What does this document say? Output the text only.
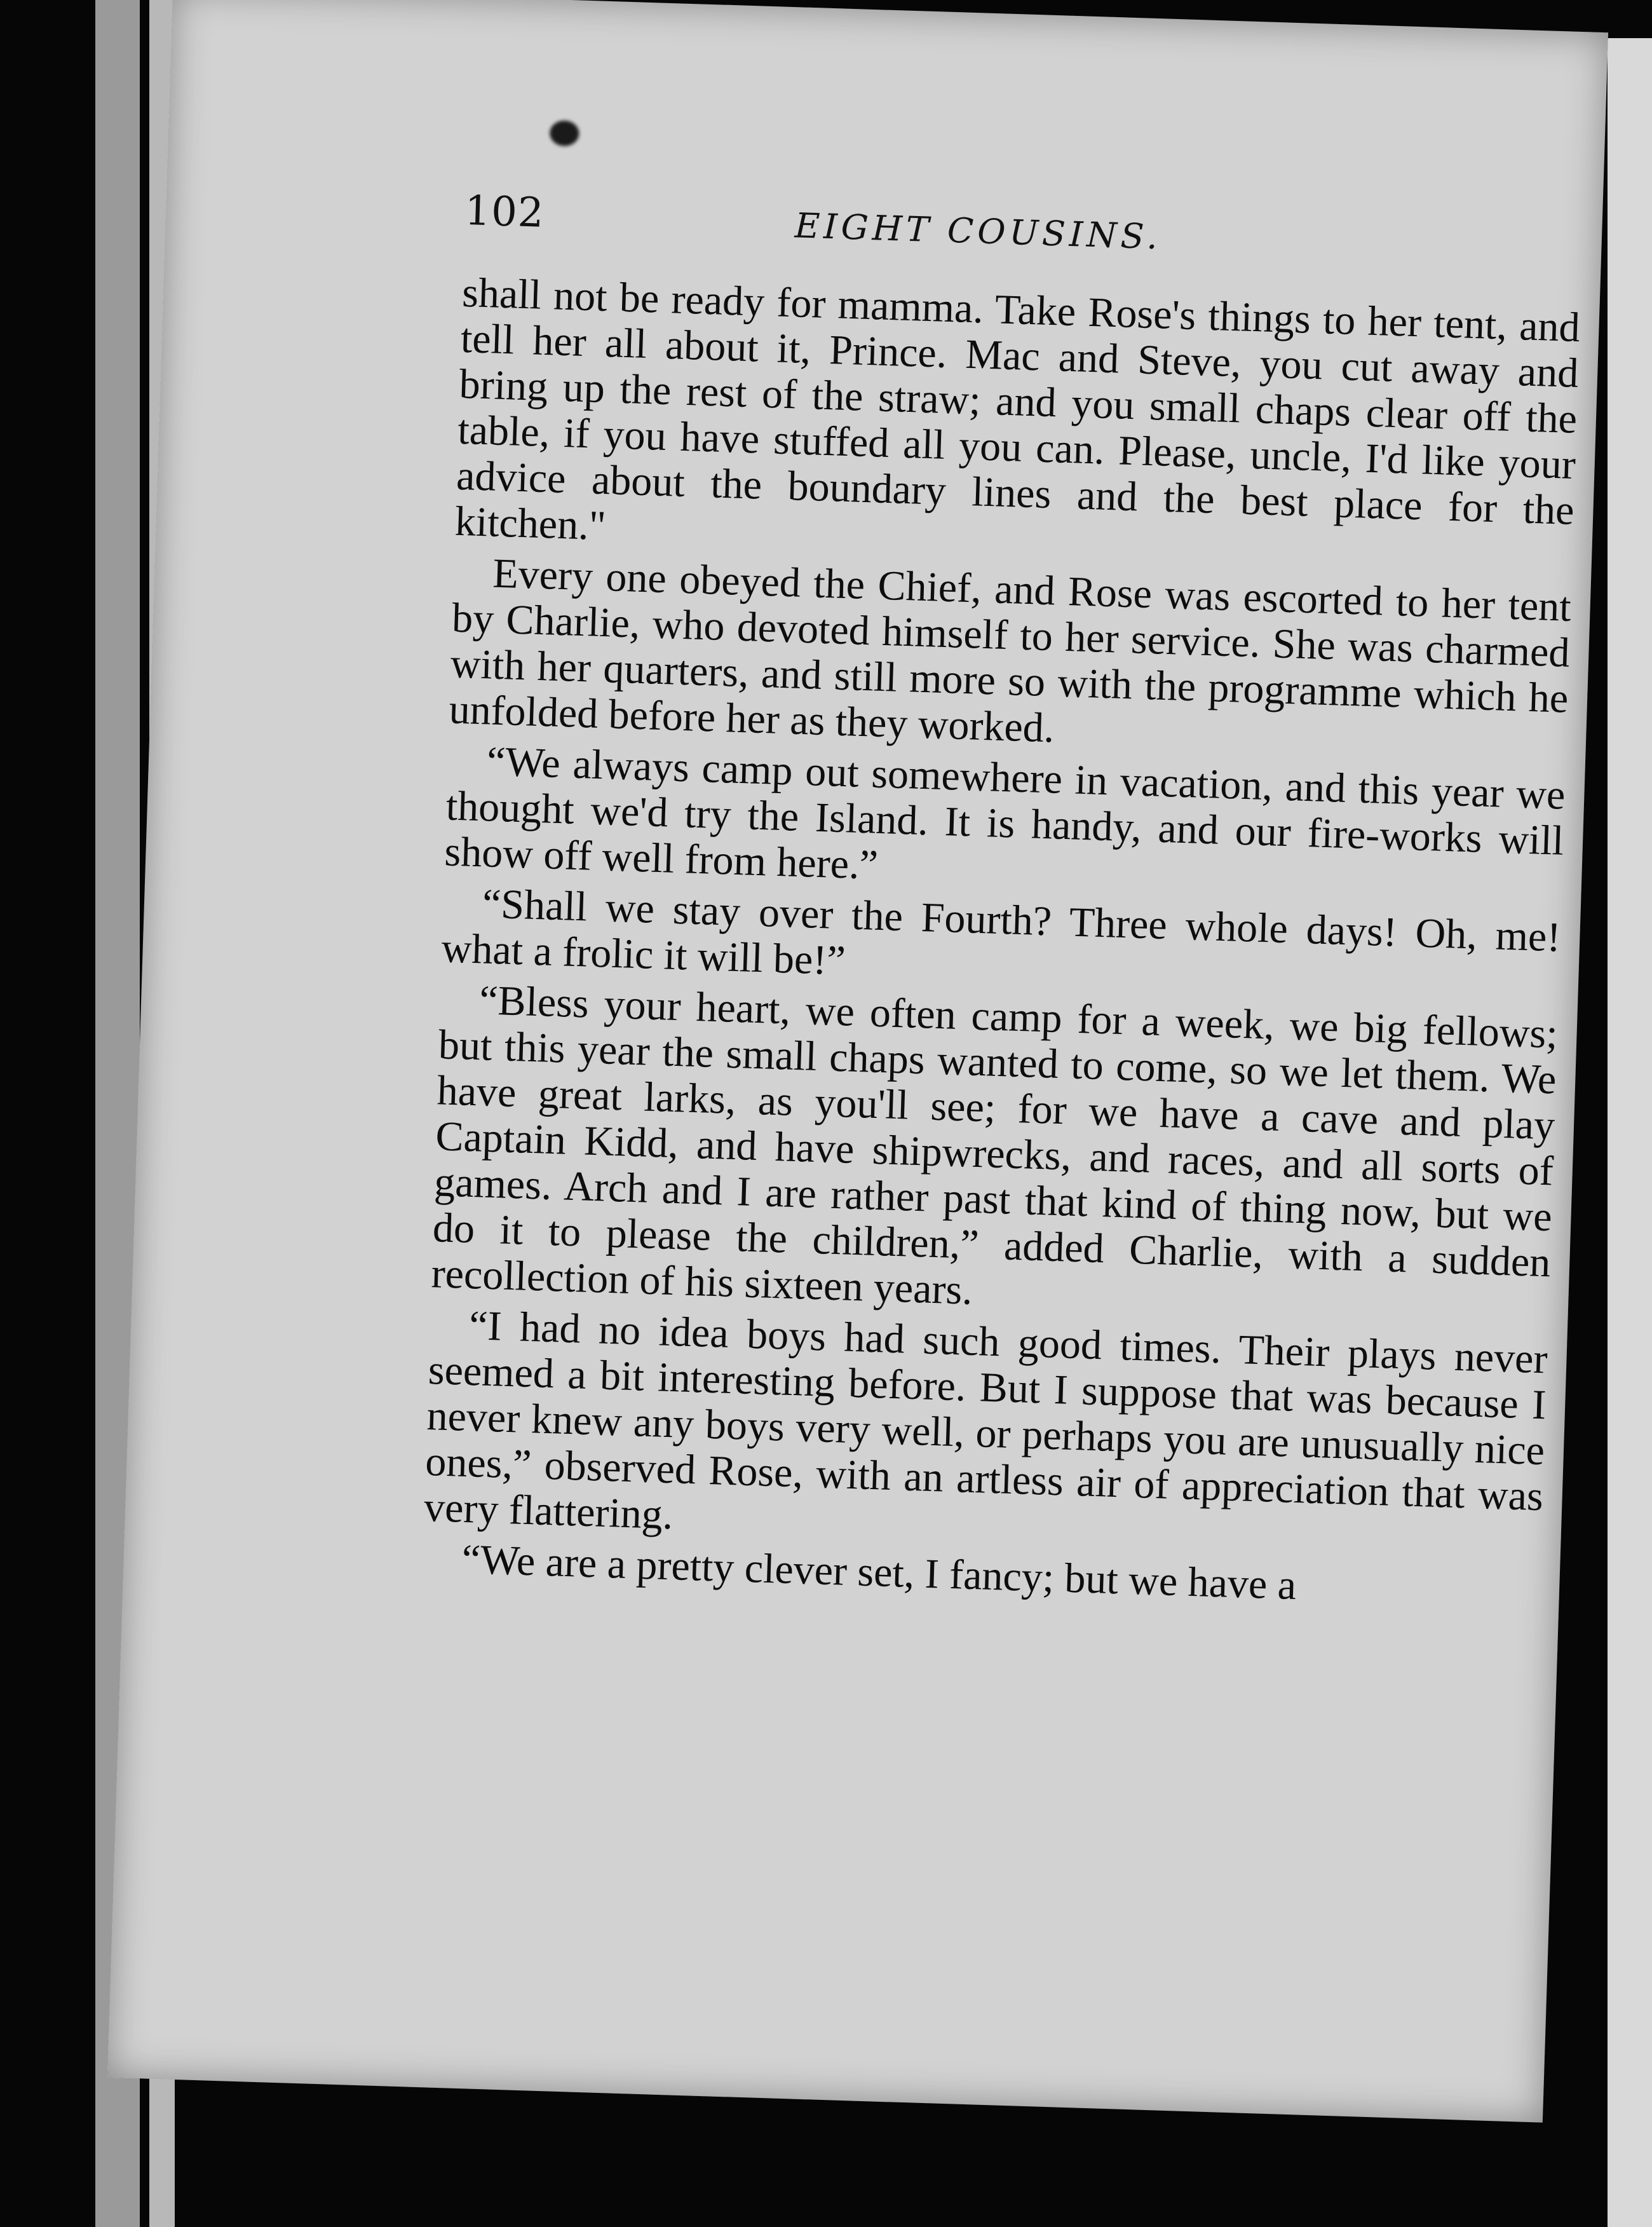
102	EIGHT COUSINS.

shall not be ready for mamma. Take Rose's things to her tent, and tell her all about it, Prince. Mac and Steve, you cut away and bring up the rest of the straw; and you small chaps clear off the table, if you have stuffed all you can. Please, uncle, I'd like your advice about the boundary lines and the best place for the kitchen."

Every one obeyed the Chief, and Rose was escorted to her tent by Charlie, who devoted himself to her service. She was charmed with her quarters, and still more so with the programme which he unfolded before her as they worked.

“We always camp out somewhere in vacation, and this year we thought we'd try the Island. It is handy, and our fire-works will show off well from here.”

“Shall we stay over the Fourth? Three whole days! Oh, me! what a frolic it will be!”

“Bless your heart, we often camp for a week, we big fellows; but this year the small chaps wanted to come, so we let them. We have great larks, as you'll see; for we have a cave and play Captain Kidd, and have shipwrecks, and races, and all sorts of games. Arch and I are rather past that kind of thing now, but we do it to please the children,” added Charlie, with a sudden recollection of his sixteen years.

“I had no idea boys had such good times. Their plays never seemed a bit interesting before. But I suppose that was because I never knew any boys very well, or perhaps you are unusually nice ones,” observed Rose, with an artless air of appreciation that was very flattering.

“We are a pretty clever set, I fancy; but we have a
